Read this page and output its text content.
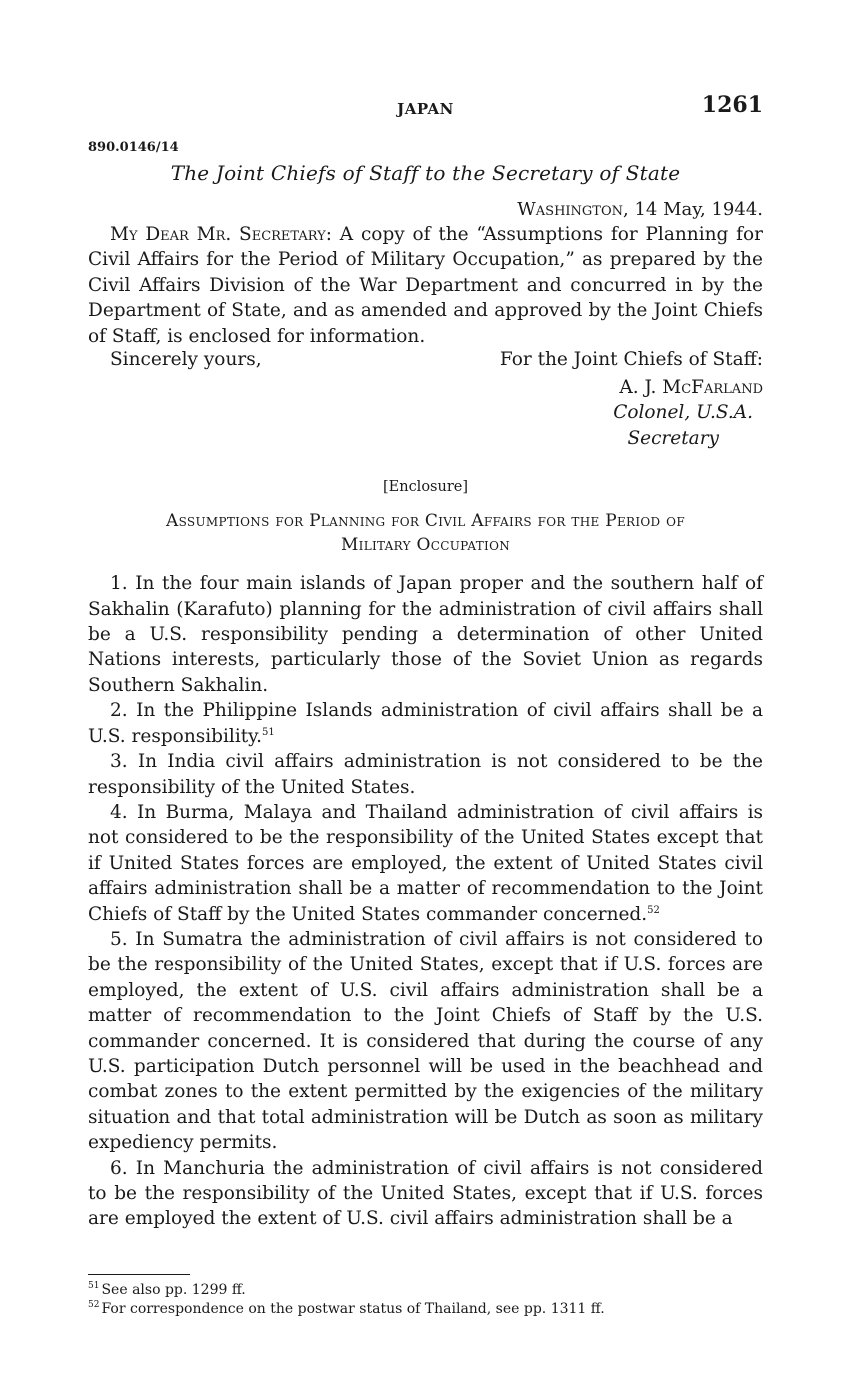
JAPAN	1261
890.0146/14
The Joint Chiefs of Staff to the Secretary of State
Washington, 14 May, 1944.

My Dear Mr. Secretary: A copy of the “Assumptions for Planning for Civil Affairs for the Period of Military Occupation,” as prepared by the Civil Affairs Division of the War Department and concurred in by the Department of State, and as amended and approved by the Joint Chiefs of Staff, is enclosed for information.

Sincerely yours,	For the Joint Chiefs of Staff:
A. J. McFarland
Colonel, U.S.A.
Secretary
[Enclosure]
Assumptions for Planning for Civil Affairs for the Period of
Military Occupation

1. In the four main islands of Japan proper and the southern half of Sakhalin (Karafuto) planning for the administration of civil affairs shall be a U.S. responsibility pending a determination of other United Nations interests, particularly those of the Soviet Union as regards Southern Sakhalin.

2. In the Philippine Islands administration of civil affairs shall be a U.S. responsibility.$^{51}$

3. In India civil affairs administration is not considered to be the responsibility of the United States.

4. In Burma, Malaya and Thailand administration of civil affairs is not considered to be the responsibility of the United States except that if United States forces are employed, the extent of United States civil affairs administration shall be a matter of recommendation to the Joint Chiefs of Staff by the United States commander concerned.$^{52}$

5. In Sumatra the administration of civil affairs is not considered to be the responsibility of the United States, except that if U.S. forces are employed, the extent of U.S. civil affairs administration shall be a matter of recommendation to the Joint Chiefs of Staff by the U.S. commander concerned. It is considered that during the course of any U.S. participation Dutch personnel will be used in the beachhead and combat zones to the extent permitted by the exigencies of the military situation and that total administration will be Dutch as soon as military expediency permits.

6. In Manchuria the administration of civil affairs is not considered to be the responsibility of the United States, except that if U.S. forces are employed the extent of U.S. civil affairs administration shall be a

$^{51}$ See also pp. 1299 ff.
$^{52}$ For correspondence on the postwar status of Thailand, see pp. 1311 ff.
